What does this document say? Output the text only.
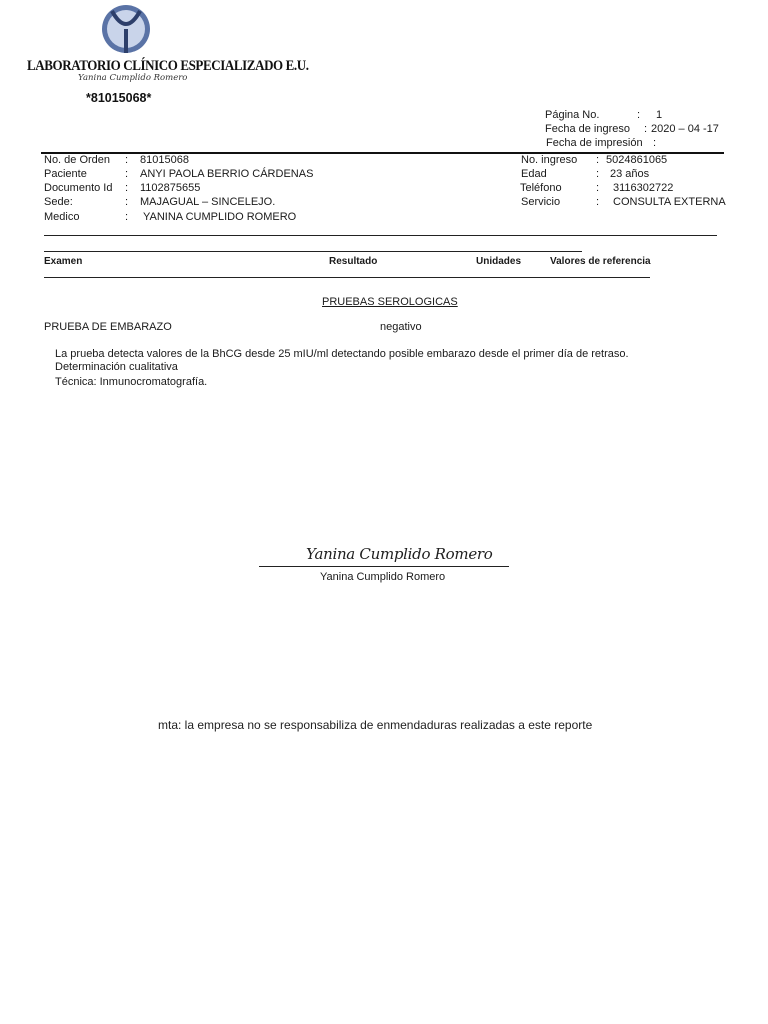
LABORATORIO CLÍNICO ESPECIALIZADO E.U.
Yanina Cumplido Romero
*81015068*
Página No.	: 1
Fecha de ingreso : 2020 – 04 -17
Fecha de impresión :
No. de Orden : 81015068
Paciente	: ANYI PAOLA BERRIO CÁRDENAS
Documento Id : 1102875655
Sede:	: MAJAGUAL – SINCELEJO.
Medico	: YANINA CUMPLIDO ROMERO
No. ingreso : 5024861065
Edad	: 23 años
Teléfono	: 3116302722
Servicio	: CONSULTA EXTERNA
Examen	Resultado	Unidades	Valores de referencia
PRUEBAS SEROLOGICAS
PRUEBA DE EMBARAZO	negativo
La prueba detecta valores de la BhCG desde 25 mIU/ml detectando posible embarazo desde el primer día de retraso.
Determinación cualitativa
Técnica: Inmunocromatografía.
Yanina Cumplido Romero
Yanina Cumplido Romero
mta: la empresa no se responsabiliza de enmendaduras realizadas a este reporte
